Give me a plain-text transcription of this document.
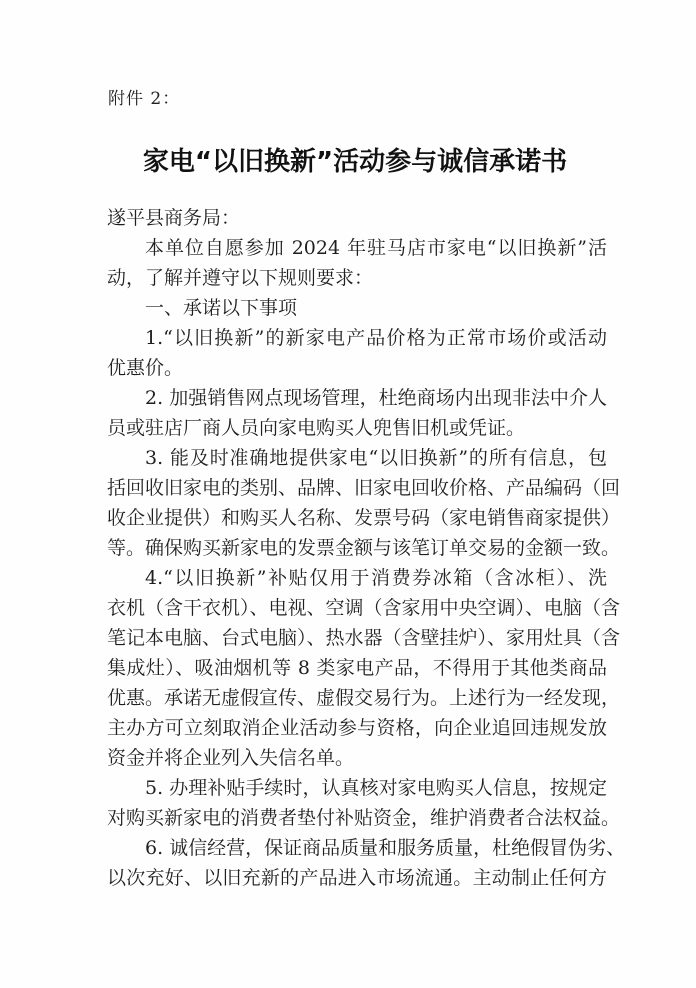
附件 2：
家电“以旧换新”活动参与诚信承诺书
遂平县商务局：
本单位自愿参加 2024 年驻马店市家电“以旧换新”活
动，了解并遵守以下规则要求：
一、承诺以下事项
1.“以旧换新”的新家电产品价格为正常市场价或活动
优惠价。
2. 加强销售网点现场管理，杜绝商场内出现非法中介人
员或驻店厂商人员向家电购买人兜售旧机或凭证。
3. 能及时准确地提供家电“以旧换新”的所有信息，包
括回收旧家电的类别、品牌、旧家电回收价格、产品编码（回
收企业提供）和购买人名称、发票号码（家电销售商家提供）
等。确保购买新家电的发票金额与该笔订单交易的金额一致。
4.“以旧换新”补贴仅用于消费券冰箱（含冰柜）、洗
衣机（含干衣机）、电视、空调（含家用中央空调）、电脑（含
笔记本电脑、台式电脑）、热水器（含壁挂炉）、家用灶具（含
集成灶）、吸油烟机等 8 类家电产品，不得用于其他类商品
优惠。承诺无虚假宣传、虚假交易行为。上述行为一经发现，
主办方可立刻取消企业活动参与资格，向企业追回违规发放
资金并将企业列入失信名单。
5. 办理补贴手续时，认真核对家电购买人信息，按规定
对购买新家电的消费者垫付补贴资金，维护消费者合法权益。
6. 诚信经营，保证商品质量和服务质量，杜绝假冒伪劣、
以次充好、以旧充新的产品进入市场流通。主动制止任何方
